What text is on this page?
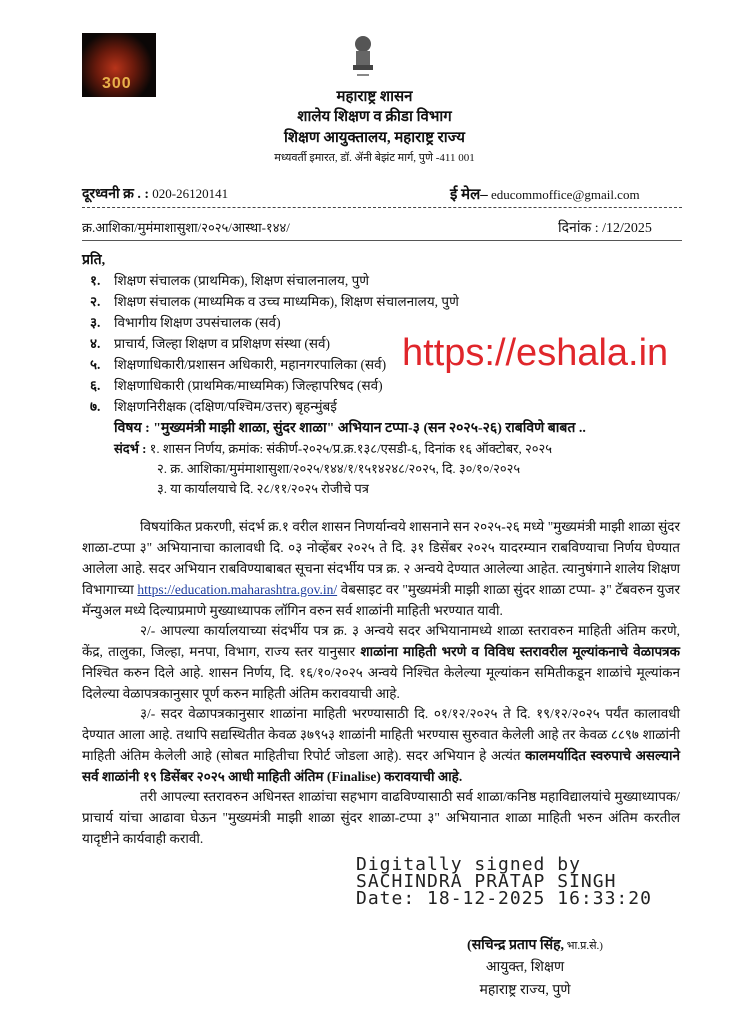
300
महाराष्ट्र शासन
शालेय शिक्षण व क्रीडा विभाग
शिक्षण आयुक्तालय, महाराष्ट्र राज्य
मध्यवर्ती इमारत, डॉ. ॲनी बेझंट मार्ग, पुणे -411 001
दूरध्वनी क्र . : 020-26120141	ई मेल– educommoffice@gmail.com
क्र.आशिका/मुमंमाशासुशा/२०२५/आस्था-१४४/	दिनांक : /12/2025
प्रति,
१. शिक्षण संचालक (प्राथमिक), शिक्षण संचालनालय, पुणे
२. शिक्षण संचालक (माध्यमिक व उच्च माध्यमिक), शिक्षण संचालनालय, पुणे
३. विभागीय शिक्षण उपसंचालक (सर्व)
४. प्राचार्य, जिल्हा शिक्षण व प्रशिक्षण संस्था (सर्व)
५. शिक्षणाधिकारी/प्रशासन अधिकारी, महानगरपालिका (सर्व)
६. शिक्षणाधिकारी (प्राथमिक/माध्यमिक) जिल्हापरिषद (सर्व)
७. शिक्षणनिरीक्षक (दक्षिण/पश्चिम/उत्तर) बृहन्मुंबई
https://eshala.in
विषय : "मुख्यमंत्री माझी शाळा, सुंदर शाळा" अभियान टप्पा-३ (सन २०२५-२६) राबविणे बाबत ..
संदर्भ : १. शासन निर्णय, क्रमांक: संकीर्ण-२०२५/प्र.क्र.१३८/एसडी-६, दिनांक १६ ऑक्टोबर, २०२५
२. क्र. आशिका/मुमंमाशासुशा/२०२५/१४४/१/१५१४२४८/२०२५, दि. ३०/१०/२०२५
३. या कार्यालयाचे दि. २८/११/२०२५ रोजीचे पत्र

विषयांकित प्रकरणी, संदर्भ क्र.१ वरील शासन निणर्यान्वये शासनाने सन २०२५-२६ मध्ये "मुख्यमंत्री माझी शाळा सुंदर शाळा-टप्पा ३" अभियानाचा कालावधी दि. ०३ नोव्हेंबर २०२५ ते दि. ३१ डिसेंबर २०२५ यादरम्यान राबविण्याचा निर्णय घेण्यात आलेला आहे. सदर अभियान राबविण्याबाबत सूचना संदर्भीय पत्र क्र. २ अन्वये देण्यात आलेल्या आहेत. त्यानुषंगाने शालेय शिक्षण विभागाच्या https://education.maharashtra.gov.in/ वेबसाइट वर "मुख्यमंत्री माझी शाळा सुंदर शाळा टप्पा- ३" टॅबवरुन युजर मॅन्युअल मध्ये दिल्याप्रमाणे मुख्याध्यापक लॉगिन वरुन सर्व शाळांनी माहिती भरण्यात यावी.

२/- आपल्या कार्यालयाच्या संदर्भीय पत्र क्र. ३ अन्वये सदर अभियानामध्ये शाळा स्तरावरुन माहिती अंतिम करणे, केंद्र, तालुका, जिल्हा, मनपा, विभाग, राज्य स्तर यानुसार शाळांना माहिती भरणे व विविध स्तरावरील मूल्यांकनाचे वेळापत्रक निश्चित करुन दिले आहे. शासन निर्णय, दि. १६/१०/२०२५ अन्वये निश्चित केलेल्या मूल्यांकन समितीकडून शाळांचे मूल्यांकन दिलेल्या वेळापत्रकानुसार पूर्ण करुन माहिती अंतिम करावयाची आहे.

३/- सदर वेळापत्रकानुसार शाळांना माहिती भरण्यासाठी दि. ०१/१२/२०२५ ते दि. १९/१२/२०२५ पर्यंत कालावधी देण्यात आला आहे. तथापि सद्यस्थितीत केवळ ३७९५३ शाळांनी माहिती भरण्यास सुरुवात केलेली आहे तर केवळ ८८९७ शाळांनी माहिती अंतिम केलेली आहे (सोबत माहितीचा रिपोर्ट जोडला आहे). सदर अभियान हे अत्यंत कालमर्यादित स्वरुपाचे असल्याने सर्व शाळांनी १९ डिसेंबर २०२५ आधी माहिती अंतिम (Finalise) करावयाची आहे.

तरी आपल्या स्तरावरुन अधिनस्त शाळांचा सहभाग वाढविण्यासाठी सर्व शाळा/कनिष्ठ महाविद्यालयांचे मुख्याध्यापक/प्राचार्य यांचा आढावा घेऊन "मुख्यमंत्री माझी शाळा सुंदर शाळा-टप्पा ३" अभियानात शाळा माहिती भरुन अंतिम करतील यादृष्टीने कार्यवाही करावी.

Digitally signed by
SACHINDRA PRATAP SINGH
Date: 18-12-2025 16:33:20
(सचिन्द्र प्रताप सिंह, भा.प्र.से.)
आयुक्त, शिक्षण
महाराष्ट्र राज्य, पुणे
